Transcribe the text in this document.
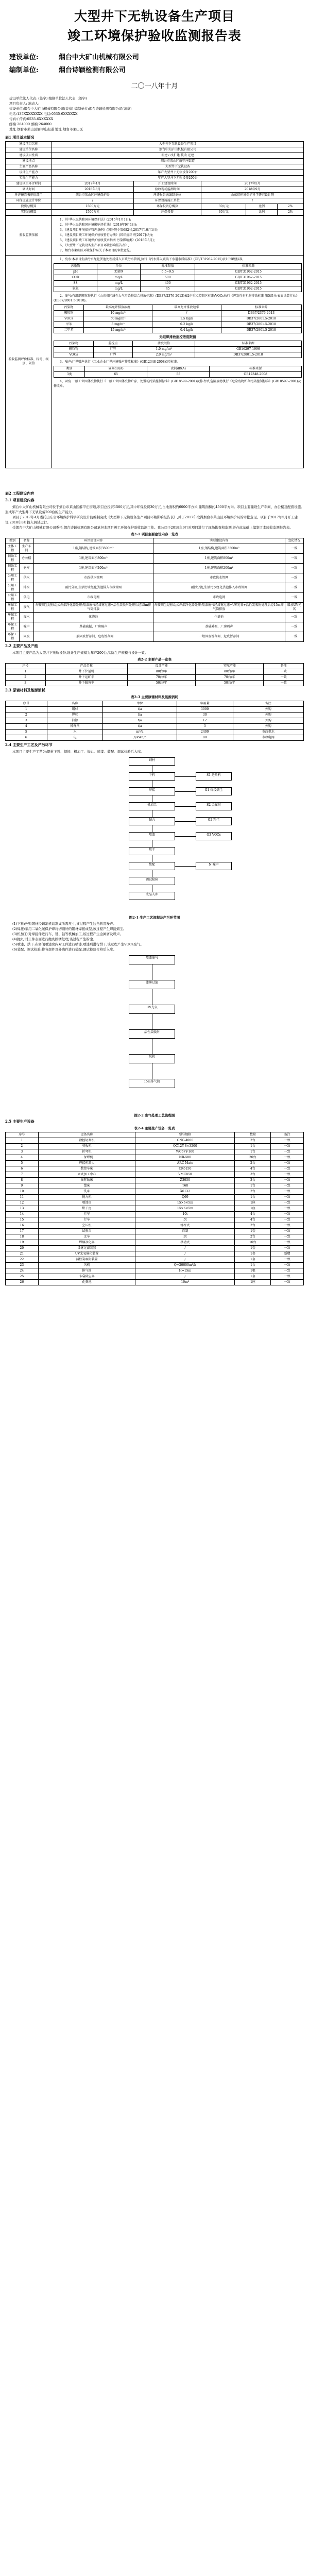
大型井下无轨设备生产项目
竣工环境保护验收监测报告表
建设单位:	烟台中大矿山机械有限公司
编制单位:	烟台诗颖检测有限公司
二〇一八年十月
建设单位法人代表: (签字) 编制单位法人代表: (签字)
项目负责人: 填表人:
建设单位:烟台中大矿山机械有限公司(盖章) 编制单位:烟台诗颖检测有限公司(盖章)
电话:135XXXXXXXX 电话:0535-6XXXXXX
传真:/ 传真:0535-6XXXXXX
邮编:264000 邮编:264000
地址:烟台市莱山区解甲庄街道 地址:烟台市莱山区
表1 项目基本情况
建设项目名称	大型井下无轨设备生产项目				
建设单位名称	烟台中大矿山机械有限公司				
建设项目性质	新建√ 改扩建 技改 迁建				
建设地点	烟台市莱山区解甲庄街道				
主要产品名称	大型井下无轨设备				
设计生产能力	年产大型井下无轨设备200台				
实际生产能力	年产大型井下无轨设备200台				
建设项目环评时间	2017年4月	开工建设时间	2017年5月		
调试时间	2018年8月	验收现场监测时间	2018年9月		
环评报告表审批部门	烟台市莱山区环境保护局	环评报告表编制单位	山东省环境保护科学研究设计院		
环保设施设计单位	/	环保设施施工单位	/		
投资总概算	1500万元	环保投资总概算	30万元	比例	2%
实际总概算	1500万元	环保投资	30万元	比例	2%
验收监测依据	
1、《中华人民共和国环境保护法》(2015年1月1日);
2、《中华人民共和国环境影响评价法》(2016年9月1日);
3、《建设项目环境保护管理条例》(国务院令第682号,2017年10月1日);
4、《建设项目竣工环境保护验收暂行办法》(国环规环评[2017]4号);
5、《建设项目竣工环境保护验收技术指南 污染影响类》(2018年5月);
6、《大型井下无轨设备生产项目环境影响报告表》;
7、烟台市莱山区环境保护局关于本项目的审批意见。

验收监测评价标准、标号、级别、限值	
1、废水:本项目生活污水经化粪池处理后排入市政污水管网,执行《污水排入城镇下水道水质标准》(GB/T31962-2015)表1中B级标准。
污染物	单位	标准限值	标准来源
pH	无量纲	6.5~9.5	GB/T31962-2015
COD	mg/L	500	GB/T31962-2015
SS	mg/L	400	GB/T31962-2015
氨氮	mg/L	45	GB/T31962-2015
2、废气:有组织颗粒物执行《山东省区域性大气污染物综合排放标准》(DB37/2376-2013)表2中重点控制区标准;VOCs执行《挥发性有机物排放标准 第5部分:表面涂装行业》(DB37/2801.5-2018)。
污染物	最高允许排放浓度	最高允许排放速率	标准来源
颗粒物	10 mg/m³	/	DB37/2376-2013
VOCs	50 mg/m³	1.5 kg/h	DB37/2801.5-2018
甲苯	5 mg/m³	0.2 kg/h	DB37/2801.5-2018
二甲苯	15 mg/m³	0.4 kg/h	DB37/2801.5-2018
无组织排放监控浓度限值
污染物	监控点	浓度限值	标准来源
颗粒物	厂界	1.0 mg/m³	GB16297-1996
VOCs	厂界	2.0 mg/m³	DB37/2801.5-2018
3、噪声:厂界噪声执行《工业企业厂界环境噪声排放标准》(GB12348-2008)3类标准。
类别	昼间dB(A)	夜间dB(A)	标准来源
3类	65	55	GB12348-2008
4、固废:一般工业固体废物执行《一般工业固体废物贮存、处置场污染控制标准》(GB18599-2001)及修改单;危险废物执行《危险废物贮存污染控制标准》(GB18597-2001)及修改单。
表2 工程建设内容
2.1 项目建设内容
烟台中大矿山机械有限公司位于烟台市莱山区解甲庄街道,项目总投资1500万元,其中环保投资30万元,占地面积约6000平方米,建筑面积约4500平方米。项目主要建设生产车间、办公楼及配套设施,形成年产大型井下无轨设备200台的生产能力。
项目于2017年4月委托山东省环境保护科学研究设计院编制完成《大型井下无轨设备生产项目环境影响报告表》,并于2017年取得烟台市莱山区环境保护局的审批意见。项目于2017年5月开工建设,2018年8月投入调试运行。
受烟台中大矿山机械有限公司委托,烟台诗颖检测有限公司承担本项目竣工环境保护验收监测工作。我公司于2018年9月对项目进行了现场勘查和监测,并在此基础上编制了本验收监测报告表。
表2-1 项目主要建设内容一览表
类别	名称	环评建设内容	实际建设内容	变化情况
主体工程	生产车间	1座,钢结构,建筑面积3500m²	1座,钢结构,建筑面积3500m²	一致
辅助工程	办公楼	1座,建筑面积800m²	1座,建筑面积800m²	一致
辅助工程	仓库	1座,建筑面积200m²	1座,建筑面积200m²	一致
公用工程	供水	市政供水管网	市政供水管网	一致
公用工程	排水	雨污分流,生活污水经化粪池排入市政管网	雨污分流,生活污水经化粪池排入市政管网	一致
公用工程	供电	市政电网	市政电网	一致
环保工程	废气	焊接烟尘经移动式焊烟净化器处理;喷漆废气经漆雾过滤+活性炭吸附处理后经15m排气筒排放	焊接烟尘经移动式焊烟净化器处理;喷漆废气经漆雾过滤+UV光氧+活性炭吸附处理后经15m排气筒排放	增加UV光氧
环保工程	废水	化粪池	化粪池	一致
环保工程	噪声	基础减振、厂房隔声	基础减振、厂房隔声	一致
环保工程	固废	一般固废暂存间、危废暂存间	一般固废暂存间、危废暂存间	一致
2.2 主要产品及产能
本项目主要产品为大型井下无轨设备,设计生产规模为年产200台,实际生产规模与设计一致。
表2-2 主要产品一览表
序号	产品名称	设计产能	实际产能	备注
1	井下铲运机	80台/年	80台/年	一致
2	井下运矿车	70台/年	70台/年	一致
3	井下服务车	50台/年	50台/年	一致
2.3 原辅材料及能源消耗
表2-3 主要原辅材料及能源消耗
序号	名称	单位	年用量	备注
1	钢材	t/a	3000	外购
2	焊丝	t/a	30	外购
3	油漆	t/a	12	外购
4	稀释剂	t/a	3	外购
5	水	m³/a	2400	市政供水
6	电	万kWh/a	80	市政电网
2.4 主要生产工艺及产污环节
本项目主要生产工艺为:钢材下料、焊接、机加工、抛丸、喷漆、装配、调试检验后入库。
钢材
下料
焊接
机加工
抛丸
喷漆
烘干
装配
调试检验
成品入库
S1 边角料
G1 焊接烟尘
S2 金属屑
G2 粉尘
G3 VOCs
N 噪声
图2-1 生产工艺流程及产污环节图
(1)下料:外购钢材经切割机切割成所需尺寸,该过程产生边角料及噪声。
(2)焊接:采用二氧化碳保护焊将切割好的钢材焊接成型,该过程产生焊接烟尘。
(3)机加工:对焊接件进行车、铣、钻等机械加工,该过程产生金属屑及噪声。
(4)抛丸:对工件表面进行抛丸除锈处理,该过程产生粉尘。
(5)喷漆、烘干:在密闭喷漆房内对工件进行喷漆,喷漆后进行烘干,该过程产生VOCs废气。
(6)装配、调试检验:将各部件及外购件进行装配,调试检验合格后入库。
喷漆废气
漆雾过滤
UV光氧
活性炭吸附
风机
15m排气筒
图2-2 废气处理工艺流程图
2.5 主要生产设备
表2-4 主要生产设备一览表
序号	设备名称	型号规格	数量	备注
1	数控切割机	CNC-4000	2台	一致
2	剪板机	QC12Y-8×3200	1台	一致
3	折弯机	WC67Y-160	1台	一致
4	二保焊机	NB-500	20台	一致
5	焊接机器人	ARC Mate	2台	一致
6	数控车床	CK6150	4台	一致
7	立式加工中心	VMC850	3台	一致
8	摇臂钻床	Z3050	3台	一致
9	镗床	T68	1台	一致
10	铣床	X6132	2台	一致
11	抛丸机	Q69	1台	一致
12	喷漆房	15×6×5m	1座	一致
13	烘干房	15×6×5m	1座	一致
14	行车	10t	4台	一致
15	行车	5t	4台	一致
16	空压机	螺杆式	2台	一致
17	试验台	自制	1套	一致
18	叉车	3t	2台	一致
19	焊烟净化器	移动式	10台	一致
20	漆雾过滤装置	/	1套	一致
21	UV光氧催化装置	/	1套	新增
22	活性炭吸附装置	/	1套	一致
23	风机	Q=20000m³/h	1台	一致
24	排气筒	H=15m	1根	一致
25	布袋除尘器	/	1套	一致
26	化粪池	10m³	1座	一致
